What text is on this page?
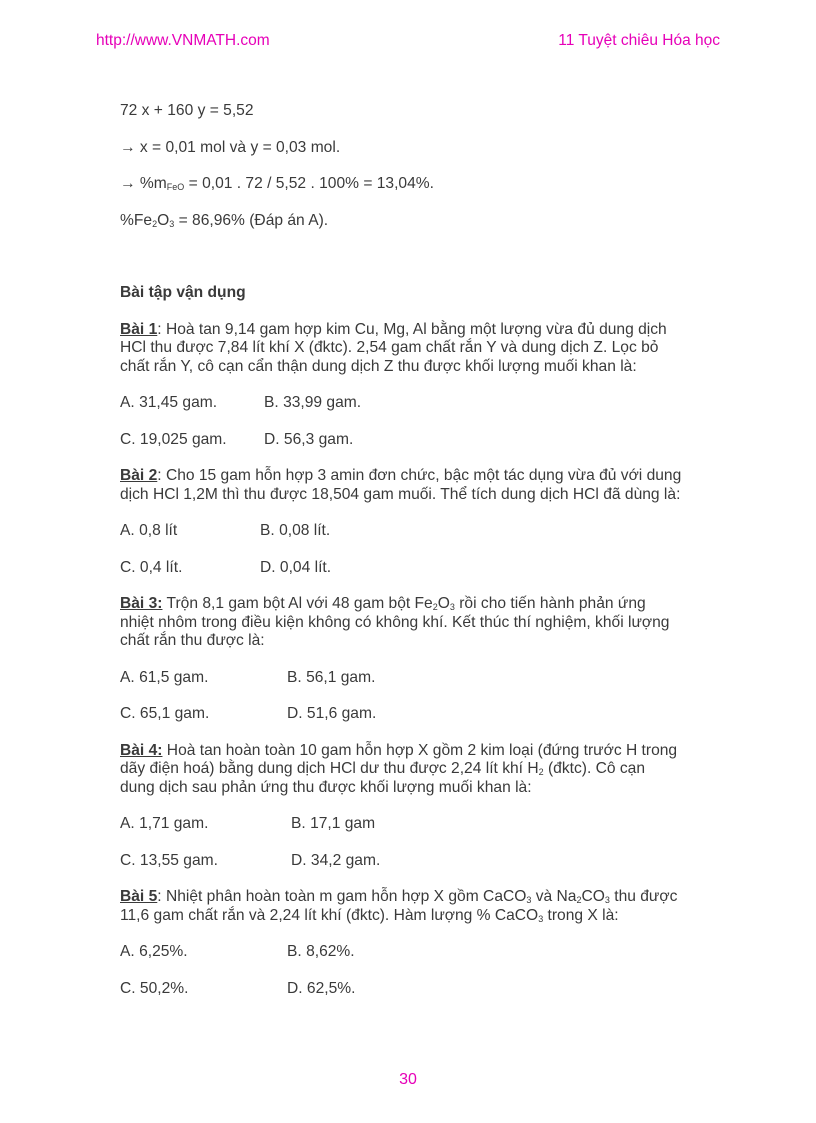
http://www.VNMATH.com	11 Tuyệt chiêu Hóa học

72 x + 160 y = 5,52

→ x = 0,01 mol và y = 0,03 mol.

→ $\%m_{FeO} = 0,01$ . 72 / 5,52 . 100% = 13,04%.

$\%Fe_2O_3 = 86,96\%$ (Đáp án A).

Bài tập vận dụng

Bài 1: Hoà tan 9,14 gam hợp kim Cu, Mg, Al bằng một lượng vừa đủ dung dịch

HCl thu được 7,84 lít khí X (đktc). 2,54 gam chất rắn Y và dung dịch Z. Lọc bỏ

chất rắn Y, cô cạn cẩn thận dung dịch Z thu được khối lượng muối khan là:

A. 31,45 gam.	B. 33,99 gam.
C. 19,025 gam. D. 56,3 gam.

Bài 2: Cho 15 gam hỗn hợp 3 amin đơn chức, bậc một tác dụng vừa đủ với dung

dịch HCl 1,2M thì thu được 18,504 gam muối. Thể tích dung dịch HCl đã dùng là:

A. 0,8 lít	B. 0,08 lít.
C. 0,4 lít.	D. 0,04 lít.

Bài 3: Trộn 8,1 gam bột Al với 48 gam bột $Fe_2O_3$ rồi cho tiến hành phản ứng

nhiệt nhôm trong điều kiện không có không khí. Kết thúc thí nghiệm, khối lượng

chất rắn thu được là:

A. 61,5 gam.	B. 56,1 gam.
C. 65,1 gam.	D. 51,6 gam.

Bài 4: Hoà tan hoàn toàn 10 gam hỗn hợp X gồm 2 kim loại (đứng trước H trong

dãy điện hoá) bằng dung dịch HCl dư thu được 2,24 lít khí $H_2$ (đktc). Cô cạn

dung dịch sau phản ứng thu được khối lượng muối khan là:

A. 1,71 gam.	B. 17,1 gam
C. 13,55 gam.	D. 34,2 gam.

Bài 5: Nhiệt phân hoàn toàn m gam hỗn hợp X gồm CaCO$_3$ và $Na_2CO_3$ thu được

11,6 gam chất rắn và 2,24 lít khí (đktc). Hàm lượng % CaCO$_3$ trong X là:

A. 6,25%.	B. 8,62%.
C. 50,2%.	D. 62,5%.
30
